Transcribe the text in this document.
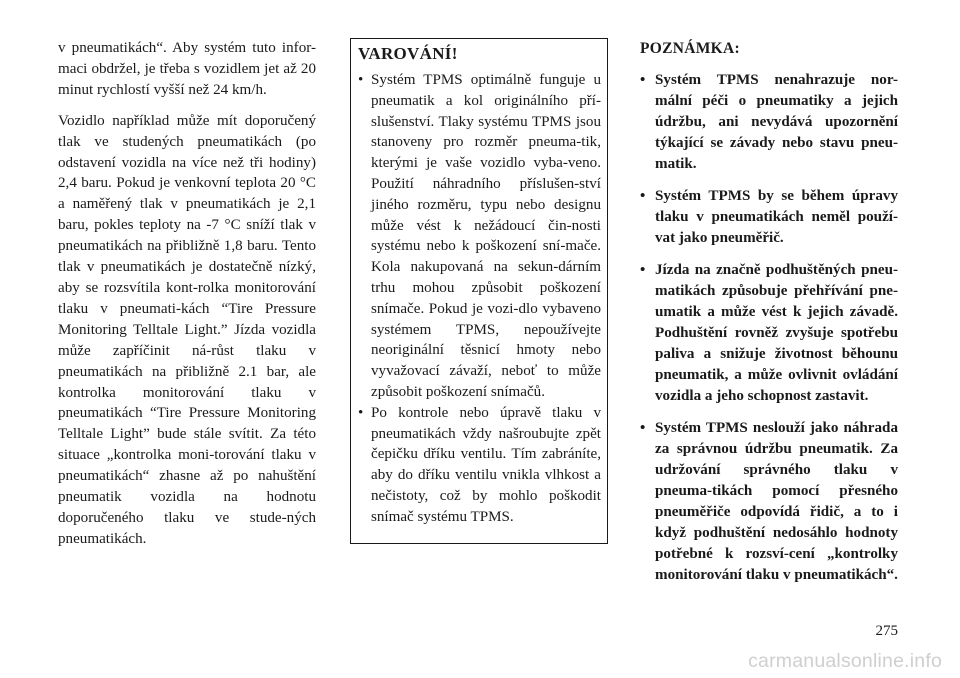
v pneumatikách“. Aby systém tuto infor-maci obdržel, je třeba s vozidlem jet až 20 minut rychlostí vyšší než 24 km/h.

Vozidlo například může mít doporučený tlak ve studených pneumatikách (po odstavení vozidla na více než tři hodiny) 2,4 baru. Pokud je venkovní teplota 20 °C a naměřený tlak v pneumatikách je 2,1 baru, pokles teploty na -7 °C sníží tlak v pneumatikách na přibližně 1,8 baru. Tento tlak v pneumatikách je dostatečně nízký, aby se rozsvítila kont-rolka monitorování tlaku v pneumati-kách “Tire Pressure Monitoring Telltale Light.” Jízda vozidla může zapříčinit ná-růst tlaku v pneumatikách na přibližně 2.1 bar, ale kontrolka monitorování tlaku v pneumatikách “Tire Pressure Monitoring Telltale Light” bude stále svítit. Za této situace „kontrolka moni-torování tlaku v pneumatikách“ zhasne až po nahuštění pneumatik vozidla na hodnotu doporučeného tlaku ve stude-ných pneumatikách.

VAROVÁNÍ!
• Systém TPMS optimálně funguje u pneumatik a kol originálního pří-slušenství. Tlaky systému TPMS jsou stanoveny pro rozměr pneuma-tik, kterými je vaše vozidlo vyba-veno. Použití náhradního příslušen-ství jiného rozměru, typu nebo designu může vést k nežádoucí čin-nosti systému nebo k poškození sní-mače. Kola nakupovaná na sekun-dárním trhu mohou způsobit poškození snímače. Pokud je vozi-dlo vybaveno systémem TPMS, nepoužívejte neoriginální těsnicí hmoty nebo vyvažovací závaží, neboť to může způsobit poškození snímačů.
• Po kontrole nebo úpravě tlaku v pneumatikách vždy našroubujte zpět čepičku dříku ventilu. Tím zabráníte, aby do dříku ventilu vnikla vlhkost a nečistoty, což by mohlo poškodit snímač systému TPMS.
POZNÁMKA:
• Systém TPMS nenahrazuje nor-mální péči o pneumatiky a jejich údržbu, ani nevydává upozornění týkající se závady nebo stavu pneu-matik.
• Systém TPMS by se během úpravy tlaku v pneumatikách neměl použí-vat jako pneuměřič.
• Jízda na značně podhuštěných pneu-matikách způsobuje přehřívání pne-umatik a může vést k jejich závadě. Podhuštění rovněž zvyšuje spotřebu paliva a snižuje životnost běhounu pneumatik, a může ovlivnit ovládání vozidla a jeho schopnost zastavit.
• Systém TPMS neslouží jako náhrada za správnou údržbu pneumatik. Za udržování správného tlaku v pneuma-tikách pomocí přesného pneuměřiče odpovídá řidič, a to i když podhuštění nedosáhlo hodnoty potřebné k rozsví-cení „kontrolky monitorování tlaku v pneumatikách“.
275
carmanualsonline.info
